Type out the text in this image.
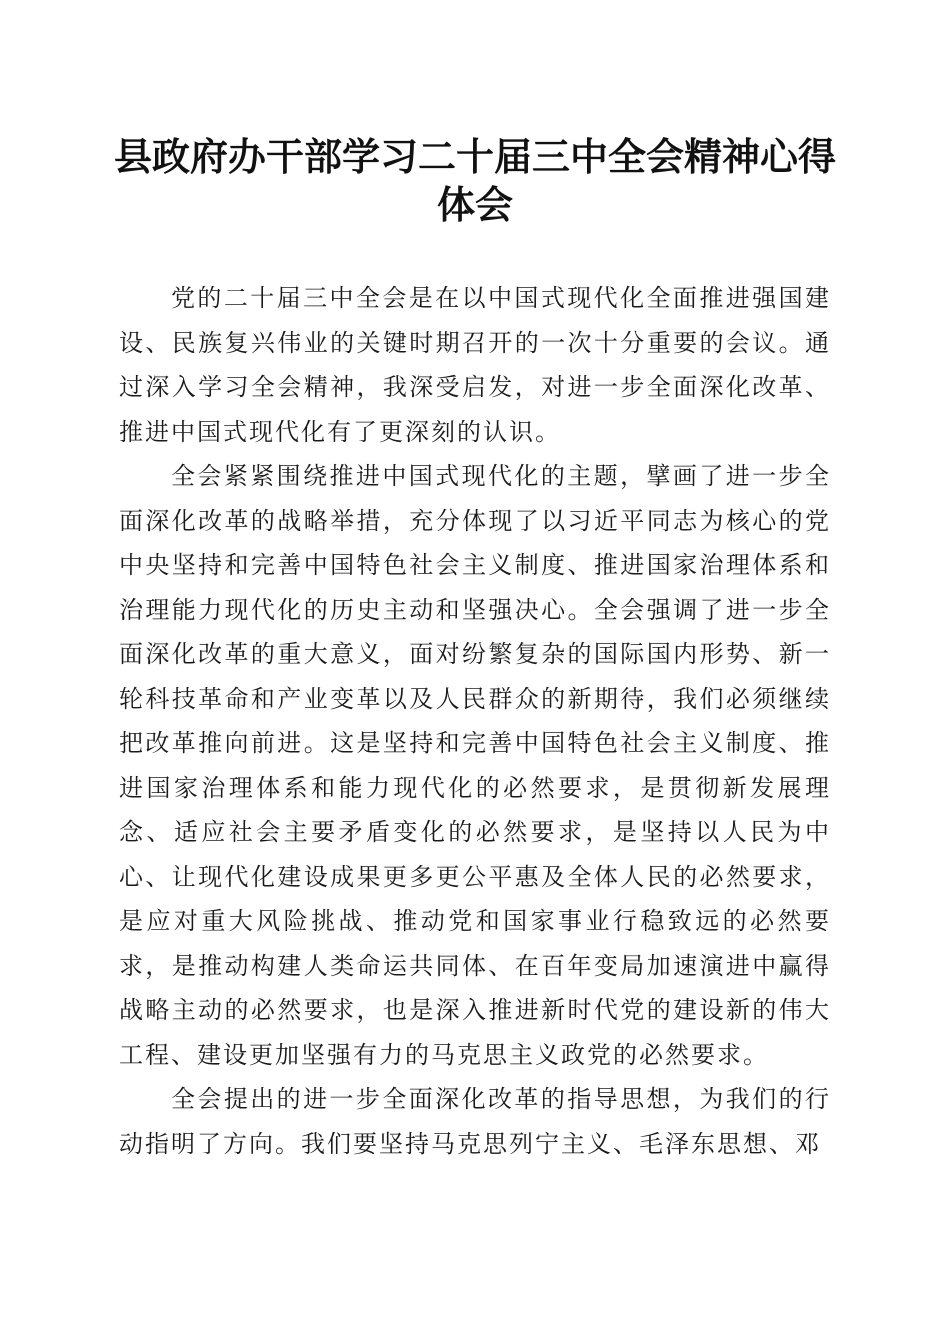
县政府办干部学习二十届三中全会精神心得体会

党的二十届三中全会是在以中国式现代化全面推进强国建设、民族复兴伟业的关键时期召开的一次十分重要的会议。通过深入学习全会精神，我深受启发，对进一步全面深化改革、推进中国式现代化有了更深刻的认识。

全会紧紧围绕推进中国式现代化的主题，擘画了进一步全面深化改革的战略举措，充分体现了以习近平同志为核心的党中央坚持和完善中国特色社会主义制度、推进国家治理体系和治理能力现代化的历史主动和坚强决心。全会强调了进一步全面深化改革的重大意义，面对纷繁复杂的国际国内形势、新一轮科技革命和产业变革以及人民群众的新期待，我们必须继续把改革推向前进。这是坚持和完善中国特色社会主义制度、推进国家治理体系和能力现代化的必然要求，是贯彻新发展理念、适应社会主要矛盾变化的必然要求，是坚持以人民为中心、让现代化建设成果更多更公平惠及全体人民的必然要求，是应对重大风险挑战、推动党和国家事业行稳致远的必然要求，是推动构建人类命运共同体、在百年变局加速演进中赢得战略主动的必然要求，也是深入推进新时代党的建设新的伟大工程、建设更加坚强有力的马克思主义政党的必然要求。

全会提出的进一步全面深化改革的指导思想，为我们的行动指明了方向。我们要坚持马克思列宁主义、毛泽东思想、邓
